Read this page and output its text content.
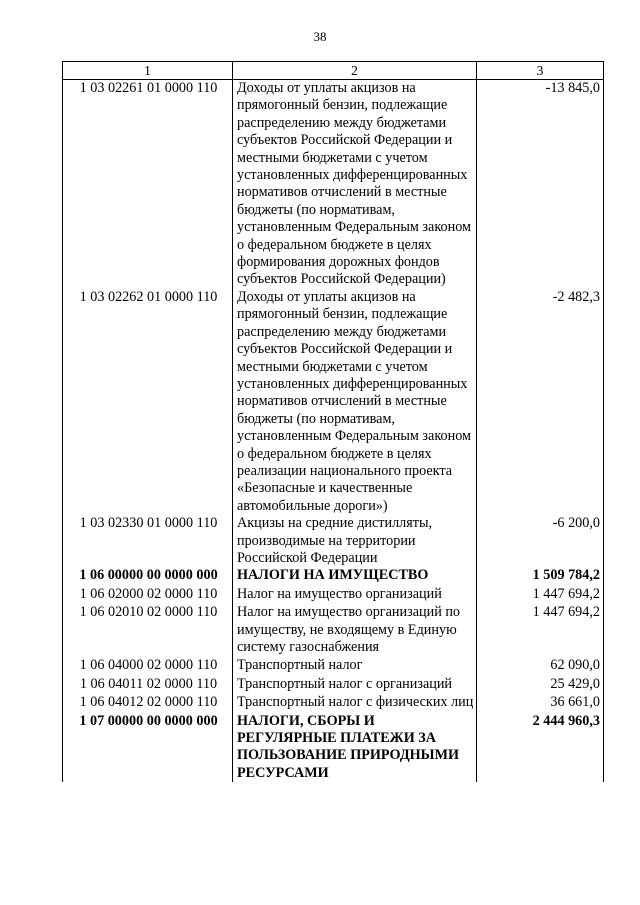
38
1	2	3
1 03 02261 01 0000 110	Доходы от уплаты акцизов на прямогонный бензин, подлежащие распределению между бюджетами субъектов Российской Федерации и местными бюджетами с учетом установленных дифференцированных нормативов отчислений в местные бюджеты (по нормативам, установленным Федеральным законом о федеральном бюджете в целях формирования дорожных фондов субъектов Российской Федерации)	-13 845,0
1 03 02262 01 0000 110	Доходы от уплаты акцизов на прямогонный бензин, подлежащие распределению между бюджетами субъектов Российской Федерации и местными бюджетами с учетом установленных дифференцированных нормативов отчислений в местные бюджеты (по нормативам, установленным Федеральным законом о федеральном бюджете в целях реализации национального проекта «Безопасные и качественные автомобильные дороги»)	-2 482,3
1 03 02330 01 0000 110	Акцизы на средние дистилляты, производимые на территории Российской Федерации	-6 200,0
1 06 00000 00 0000 000	НАЛОГИ НА ИМУЩЕСТВО	1 509 784,2
1 06 02000 02 0000 110	Налог на имущество организаций	1 447 694,2
1 06 02010 02 0000 110	Налог на имущество организаций по имуществу, не входящему в Единую систему газоснабжения	1 447 694,2
1 06 04000 02 0000 110	Транспортный налог	62 090,0
1 06 04011 02 0000 110	Транспортный налог с организаций	25 429,0
1 06 04012 02 0000 110	Транспортный налог с физических лиц	36 661,0
1 07 00000 00 0000 000	НАЛОГИ, СБОРЫ И РЕГУЛЯРНЫЕ ПЛАТЕЖИ ЗА ПОЛЬЗОВАНИЕ ПРИРОДНЫМИ РЕСУРСАМИ	2 444 960,3
